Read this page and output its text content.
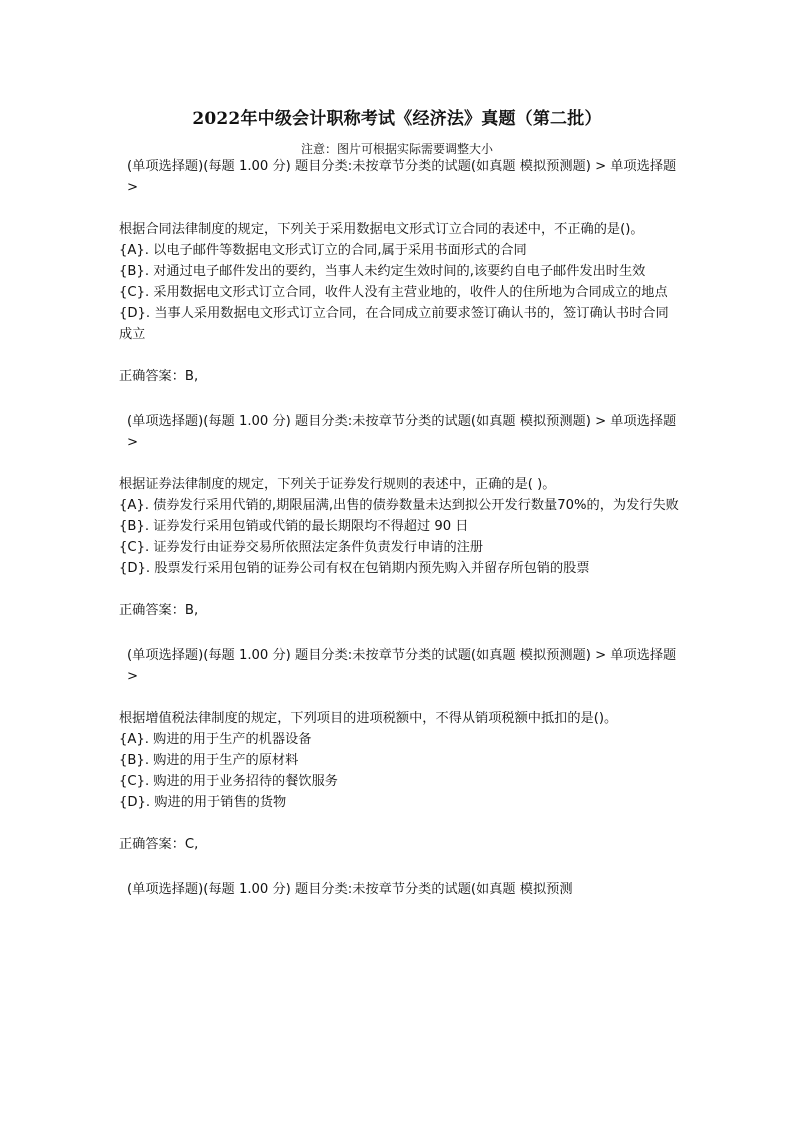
2022年中级会计职称考试《经济法》真题（第二批）
注意：图片可根据实际需要调整大小
(单项选择题)(每题 1.00 分) 题目分类:未按章节分类的试题(如真题 模拟预测题) > 单项选择题 >
根据合同法律制度的规定，下列关于采用数据电文形式订立合同的表述中，不正确的是()。
{A}. 以电子邮件等数据电文形式订立的合同,属于采用书面形式的合同
{B}. 对通过电子邮件发出的要约，当事人未约定生效时间的,该要约自电子邮件发出时生效
{C}. 采用数据电文形式订立合同，收件人没有主营业地的，收件人的住所地为合同成立的地点
{D}. 当事人采用数据电文形式订立合同，在合同成立前要求签订确认书的，签订确认书时合同成立
正确答案：B,
(单项选择题)(每题 1.00 分) 题目分类:未按章节分类的试题(如真题 模拟预测题) > 单项选择题 >
根据证券法律制度的规定，下列关于证券发行规则的表述中，正确的是( )。
{A}. 债券发行采用代销的,期限届满,出售的债券数量未达到拟公开发行数量70%的，为发行失败
{B}. 证券发行采用包销或代销的最长期限均不得超过 90 日
{C}. 证券发行由证券交易所依照法定条件负责发行申请的注册
{D}. 股票发行采用包销的证券公司有权在包销期内预先购入并留存所包销的股票
正确答案：B,
(单项选择题)(每题 1.00 分) 题目分类:未按章节分类的试题(如真题 模拟预测题) > 单项选择题 >
根据增值税法律制度的规定，下列项目的进项税额中，不得从销项税额中抵扣的是()。
{A}. 购进的用于生产的机器设备
{B}. 购进的用于生产的原材料
{C}. 购进的用于业务招待的餐饮服务
{D}. 购进的用于销售的货物
正确答案：C,
(单项选择题)(每题 1.00 分) 题目分类:未按章节分类的试题(如真题 模拟预测
